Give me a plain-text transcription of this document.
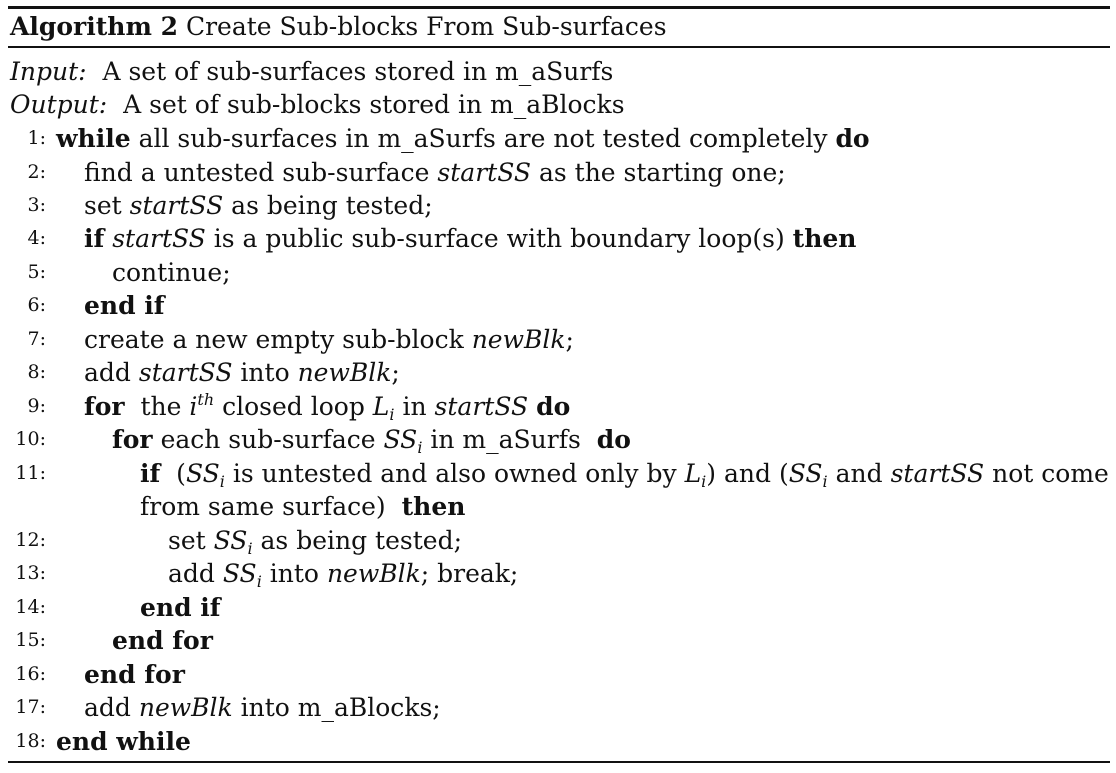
Algorithm 2 Create Sub-blocks From Sub-surfaces
Input: A set of sub-surfaces stored in m_aSurfs
Output: A set of sub-blocks stored in m_aBlocks
1: while all sub-surfaces in m_aSurfs are not tested completely do
2: find a untested sub-surface startSS as the starting one;
3: set startSS as being tested;
4: if startSS is a public sub-surface with boundary loop(s) then
5:	continue;
6: end if
7: create a new empty sub-block newBlk;
8: add startSS into newBlk;
9: for the $i^{th}$ closed loop $L_i$ in startSS do
10:	for each sub-surface $SS_i$ in m_aSurfs do
11:	if ($SS_i$ is untested and also owned only by $L_i$) and ($SS_i$ and startSS not come
from same surface) then
12:	set $SS_i$ as being tested;
13:	add $SS_i$ into newBlk; break;
14:	end if
15:	end for
16: end for
17: add newBlk into m_aBlocks;
18: end while
